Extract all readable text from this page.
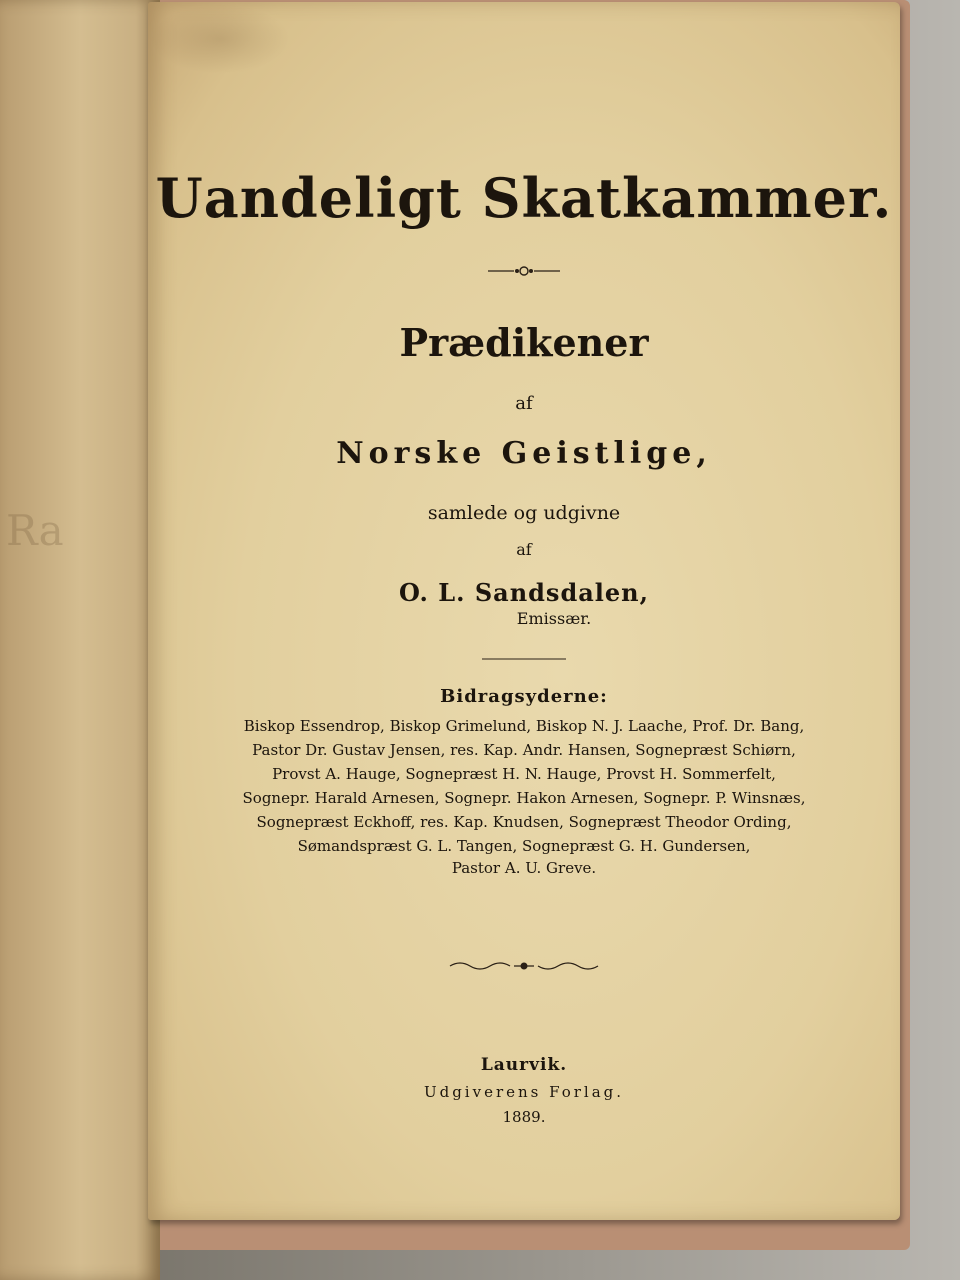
Ra
Uandeligt Skatkammer.
Prædikener
af
Norske Geistlige,
samlede og udgivne
af
O. L. Sandsdalen,
Emissær.
Bidragsyderne:
Biskop Essendrop, Biskop Grimelund, Biskop N. J. Laache, Prof. Dr. Bang,
Pastor Dr. Gustav Jensen, res. Kap. Andr. Hansen, Sognepræst Schiørn,
Provst A. Hauge, Sognepræst H. N. Hauge, Provst H. Sommerfelt,
Sognepr. Harald Arnesen, Sognepr. Hakon Arnesen, Sognepr. P. Winsnæs,
Sognepræst Eckhoff, res. Kap. Knudsen, Sognepræst Theodor Ording,
Sømandspræst G. L. Tangen, Sognepræst G. H. Gundersen,
Pastor A. U. Greve.
Laurvik.
Udgiverens Forlag.
1889.
